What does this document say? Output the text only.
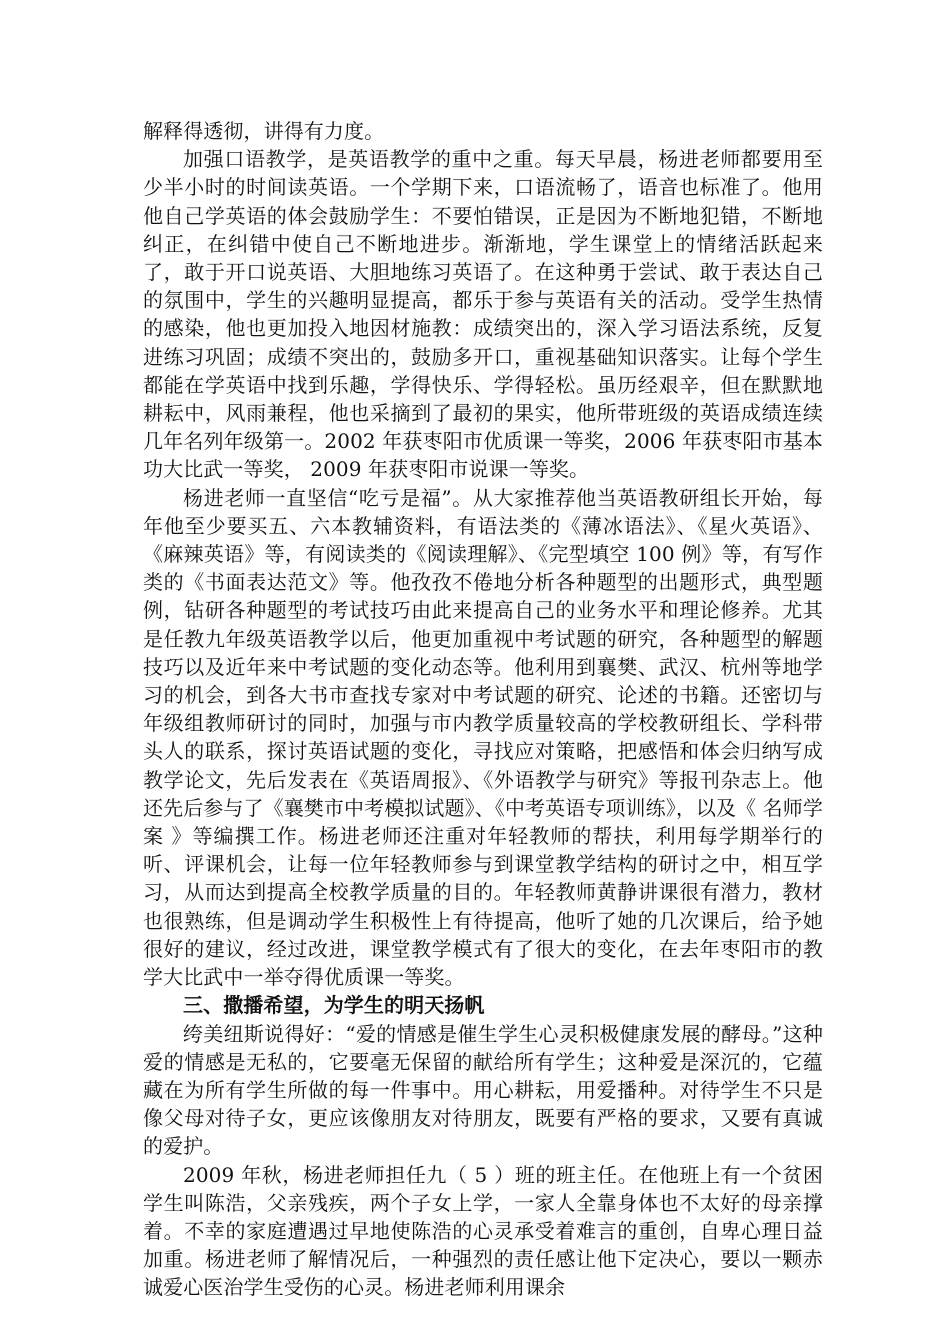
解释得透彻，讲得有力度。

加强口语教学，是英语教学的重中之重。每天早晨，杨进老师都要用至少半小时的时间读英语。一个学期下来，口语流畅了，语音也标准了。他用他自己学英语的体会鼓励学生：不要怕错误，正是因为不断地犯错，不断地纠正，在纠错中使自己不断地进步。渐渐地，学生课堂上的情绪活跃起来了，敢于开口说英语、大胆地练习英语了。在这种勇于尝试、敢于表达自己的氛围中，学生的兴趣明显提高，都乐于参与英语有关的活动。受学生热情的感染，他也更加投入地因材施教：成绩突出的，深入学习语法系统，反复进练习巩固；成绩不突出的，鼓励多开口，重视基础知识落实。让每个学生都能在学英语中找到乐趣，学得快乐、学得轻松。虽历经艰辛，但在默默地耕耘中，风雨兼程，他也采摘到了最初的果实，他所带班级的英语成绩连续几年名列年级第一。2002 年获枣阳市优质课一等奖，2006 年获枣阳市基本功大比武一等奖， 2009 年获枣阳市说课一等奖。

杨进老师一直坚信“吃亏是福”。从大家推荐他当英语教研组长开始，每年他至少要买五、六本教辅资料，有语法类的《薄冰语法》、《星火英语》、《麻辣英语》等，有阅读类的《阅读理解》、《完型填空 100 例》等，有写作类的《书面表达范文》等。他孜孜不倦地分析各种题型的出题形式，典型题例，钻研各种题型的考试技巧由此来提高自己的业务水平和理论修养。尤其是任教九年级英语教学以后，他更加重视中考试题的研究，各种题型的解题技巧以及近年来中考试题的变化动态等。他利用到襄樊、武汉、杭州等地学习的机会，到各大书市查找专家对中考试题的研究、论述的书籍。还密切与年级组教师研讨的同时，加强与市内教学质量较高的学校教研组长、学科带头人的联系，探讨英语试题的变化，寻找应对策略，把感悟和体会归纳写成教学论文，先后发表在《英语周报》、《外语教学与研究》等报刊杂志上。他还先后参与了《襄樊市中考模拟试题》、《中考英语专项训练》，以及《 名师学案 》等编撰工作。杨进老师还注重对年轻教师的帮扶，利用每学期举行的听、评课机会，让每一位年轻教师参与到课堂教学结构的研讨之中，相互学习，从而达到提高全校教学质量的目的。年轻教师黄静讲课很有潜力，教材也很熟练，但是调动学生积极性上有待提高，他听了她的几次课后，给予她很好的建议，经过改进，课堂教学模式有了很大的变化，在去年枣阳市的教学大比武中一举夺得优质课一等奖。

三、撒播希望，为学生的明天扬帆

绔美纽斯说得好：“爱的情感是催生学生心灵积极健康发展的酵母。”这种爱的情感是无私的，它要毫无保留的献给所有学生；这种爱是深沉的，它蕴藏在为所有学生所做的每一件事中。用心耕耘，用爱播种。对待学生不只是像父母对待子女，更应该像朋友对待朋友，既要有严格的要求，又要有真诚的爱护。

2009 年秋，杨进老师担任九（ 5 ）班的班主任。在他班上有一个贫困学生叫陈浩，父亲残疾，两个子女上学，一家人全靠身体也不太好的母亲撑着。不幸的家庭遭遇过早地使陈浩的心灵承受着难言的重创，自卑心理日益加重。杨进老师了解情况后，一种强烈的责任感让他下定决心，要以一颗赤诚爱心医治学生受伤的心灵。杨进老师利用课余
